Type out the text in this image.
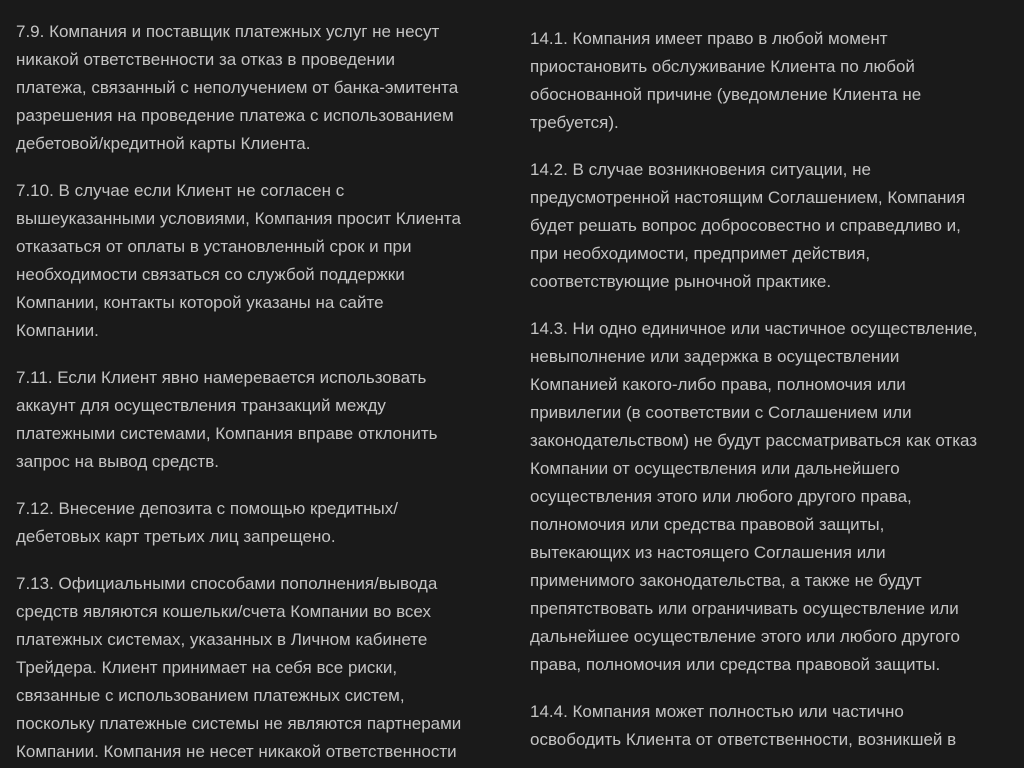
7.9. Компания и поставщик платежных услуг не несут
никакой ответственности за отказ в проведении
платежа, связанный с неполучением от банка-эмитента
разрешения на проведение платежа с использованием
дебетовой/кредитной карты Клиента.

7.10. В случае если Клиент не согласен с
вышеуказанными условиями, Компания просит Клиента
отказаться от оплаты в установленный срок и при
необходимости связаться со службой поддержки
Компании, контакты которой указаны на сайте
Компании.

7.11. Если Клиент явно намеревается использовать
аккаунт для осуществления транзакций между
платежными системами, Компания вправе отклонить
запрос на вывод средств.

7.12. Внесение депозита с помощью кредитных/
дебетовых карт третьих лиц запрещено.

7.13. Официальными способами пополнения/вывода
средств являются кошельки/счета Компании во всех
платежных системах, указанных в Личном кабинете
Трейдера. Клиент принимает на себя все риски,
связанные с использованием платежных систем,
поскольку платежные системы не являются партнерами
Компании. Компания не несет никакой ответственности

14.1. Компания имеет право в любой момент
приостановить обслуживание Клиента по любой
обоснованной причине (уведомление Клиента не
требуется).

14.2. В случае возникновения ситуации, не
предусмотренной настоящим Соглашением, Компания
будет решать вопрос добросовестно и справедливо и,
при необходимости, предпримет действия,
соответствующие рыночной практике.

14.3. Ни одно единичное или частичное осуществление,
невыполнение или задержка в осуществлении
Компанией какого-либо права, полномочия или
привилегии (в соответствии с Соглашением или
законодательством) не будут рассматриваться как отказ
Компании от осуществления или дальнейшего
осуществления этого или любого другого права,
полномочия или средства правовой защиты,
вытекающих из настоящего Соглашения или
применимого законодательства, а также не будут
препятствовать или ограничивать осуществление или
дальнейшее осуществление этого или любого другого
права, полномочия или средства правовой защиты.

14.4. Компания может полностью или частично
освободить Клиента от ответственности, возникшей в
